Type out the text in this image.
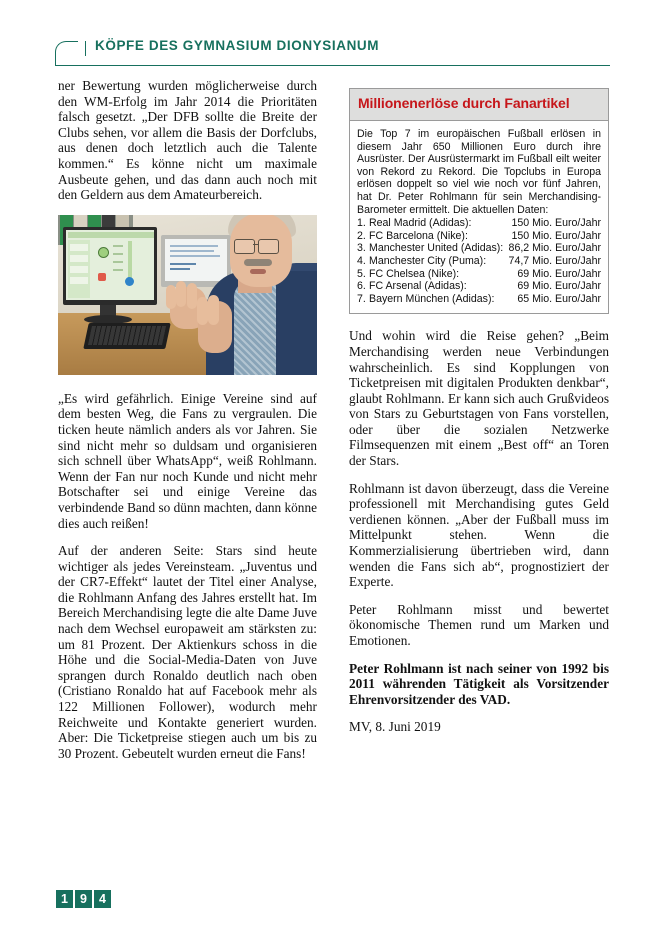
KÖPFE DES GYMNASIUM DIONYSIANUM

ner Bewertung wurden möglicherweise durch den WM-Erfolg im Jahr 2014 die Prioritäten falsch gesetzt. „Der DFB sollte die Breite der Clubs sehen, vor allem die Basis der Dorfclubs, aus denen doch letztlich auch die Talente kommen.“ Es könne nicht um maximale Ausbeute gehen, und das dann auch noch mit den Geldern aus dem Amateurbereich.

„Es wird gefährlich. Einige Vereine sind auf dem besten Weg, die Fans zu vergraulen. Die ticken heute nämlich anders als vor Jahren. Sie sind nicht mehr so duldsam und organisieren sich schnell über WhatsApp“, weiß Rohlmann. Wenn der Fan nur noch Kunde und nicht mehr Botschafter sei und einige Vereine das verbindende Band so dünn machten, dann könne dies auch reißen!

Auf der anderen Seite: Stars sind heute wichtiger als jedes Vereinsteam. „Juventus und der CR7-Effekt“ lautet der Titel einer Analyse, die Rohlmann Anfang des Jahres erstellt hat. Im Bereich Merchandising legte die alte Dame Juve nach dem Wechsel europaweit am stärksten zu: um 81 Prozent. Der Aktienkurs schoss in die Höhe und die Social-Media-Daten von Juve sprangen durch Ronaldo deutlich nach oben (Cristiano Ronaldo hat auf Facebook mehr als 122 Millionen Follower), wodurch mehr Reichweite und Kontakte generiert wurden. Aber: Die Ticketpreise stiegen auch um bis zu 30 Prozent. Gebeutelt wurden erneut die Fans!

Millionenerlöse durch Fanartikel

Die Top 7 im europäischen Fußball erlösen in diesem Jahr 650 Millionen Euro durch ihre Ausrüster. Der Ausrüstermarkt im Fußball eilt weiter von Rekord zu Rekord. Die Topclubs in Europa erlösen doppelt so viel wie noch vor fünf Jahren, hat Dr. Peter Rohlmann für sein Merchandising-Barometer ermittelt. Die aktuellen Daten:

1.	Real Madrid (Adidas):	150 Mio. Euro/Jahr
2.	FC Barcelona (Nike):	150 Mio. Euro/Jahr
3.	Manchester United (Adidas):	86,2 Mio. Euro/Jahr
4.	Manchester City (Puma):	74,7 Mio. Euro/Jahr
5.	FC Chelsea (Nike):	69 Mio. Euro/Jahr
6.	FC Arsenal (Adidas):	69 Mio. Euro/Jahr
7.	Bayern München (Adidas):	65 Mio. Euro/Jahr

Und wohin wird die Reise gehen? „Beim Merchandising werden neue Verbindungen wahrscheinlich. Es sind Kopplungen von Ticketpreisen mit digitalen Produkten denkbar“, glaubt Rohlmann. Er kann sich auch Grußvideos von Stars zu Geburtstagen von Fans vorstellen, oder über die sozialen Netzwerke Filmsequenzen mit einem „Best off“ an Toren der Stars.

Rohlmann ist davon überzeugt, dass die Vereine professionell mit Merchandising gutes Geld verdienen können. „Aber der Fußball muss im Mittelpunkt stehen. Wenn die Kommerzialisierung übertrieben wird, dann wenden die Fans sich ab“, prognostiziert der Experte.

Peter Rohlmann misst und bewertet ökonomische Themen rund um Marken und Emotionen.

Peter Rohlmann ist nach seiner von 1992 bis 2011 währenden Tätigkeit als Vorsitzender Ehrenvorsitzender des VAD.

MV, 8. Juni 2019

1 9 4
